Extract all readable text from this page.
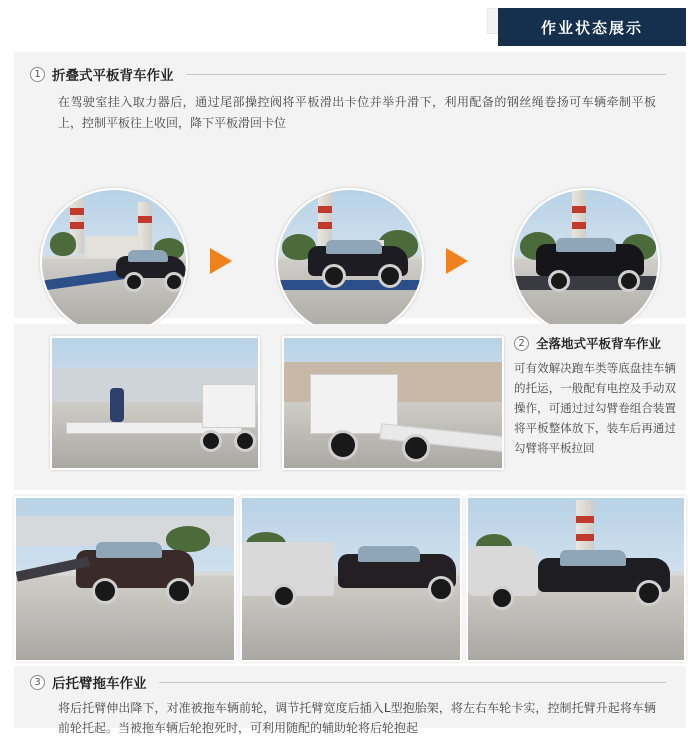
作业状态展示
1 折叠式平板背车作业
在驾驶室挂入取力器后，通过尾部操控阀将平板滑出卡位并举升滑下，利用配备的钢丝绳卷扬可车辆牵制平板上，控制平板往上收回，降下平板滑回卡位
2 全落地式平板背车作业
可有效解决跑车类等底盘挂车辆的托运，一般配有电控及手动双操作，可通过过勾臂卷组合装置将平板整体放下，装车后再通过勾臂将平板拉回
3 后托臂拖车作业
将后托臂伸出降下，对准被拖车辆前轮，调节托臂宽度后插入L型抱胎架，将左右车轮卡实，控制托臂升起将车辆前轮托起。当被拖车辆后轮抱死时，可利用随配的辅助轮将后轮抱起
